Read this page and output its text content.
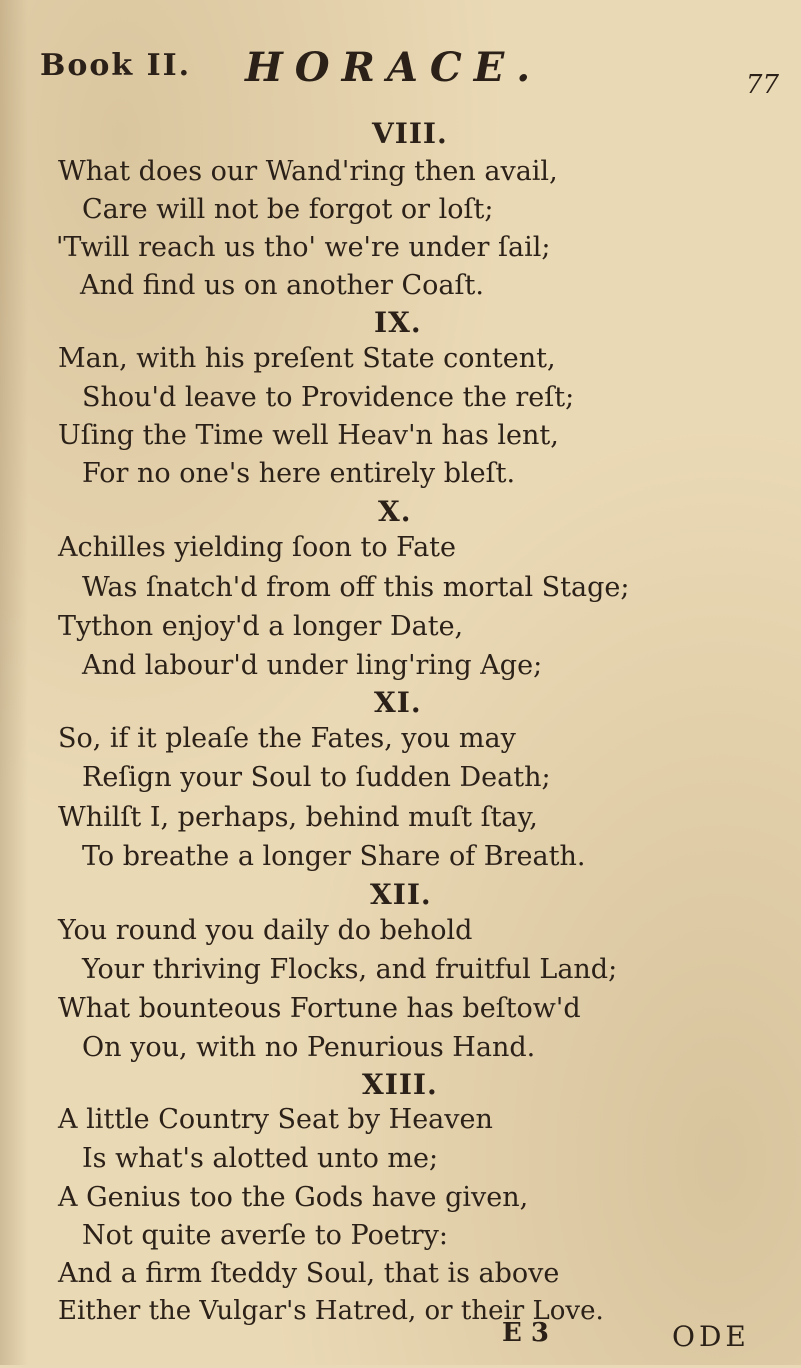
Book II. HORACE.	77
VIII.
What does our Wand'ring then avail,
Care will not be forgot or loſt;
'Twill reach us tho' we're under ſail;
And find us on another Coaſt.
IX.
Man, with his preſent State content,
Shou'd leave to Providence the reſt;
Uſing the Time well Heav'n has lent,
For no one's here entirely bleſt.
X.
Achilles yielding ſoon to Fate
Was ſnatch'd from off this mortal Stage;
Tython enjoy'd a longer Date,
And labour'd under ling'ring Age;
XI.
So, if it pleaſe the Fates, you may
Reſign your Soul to ſudden Death;
Whilſt I, perhaps, behind muſt ſtay,
To breathe a longer Share of Breath.
XII.
You round you daily do behold
Your thriving Flocks, and fruitful Land;
What bounteous Fortune has beſtow'd
On you, with no Penurious Hand.
XIII.
A little Country Seat by Heaven
Is what's alotted unto me;
A Genius too the Gods have given,
Not quite averſe to Poetry:
And a firm ſteddy Soul, that is above
Either the Vulgar's Hatred, or their Love.
E 3	ODE
